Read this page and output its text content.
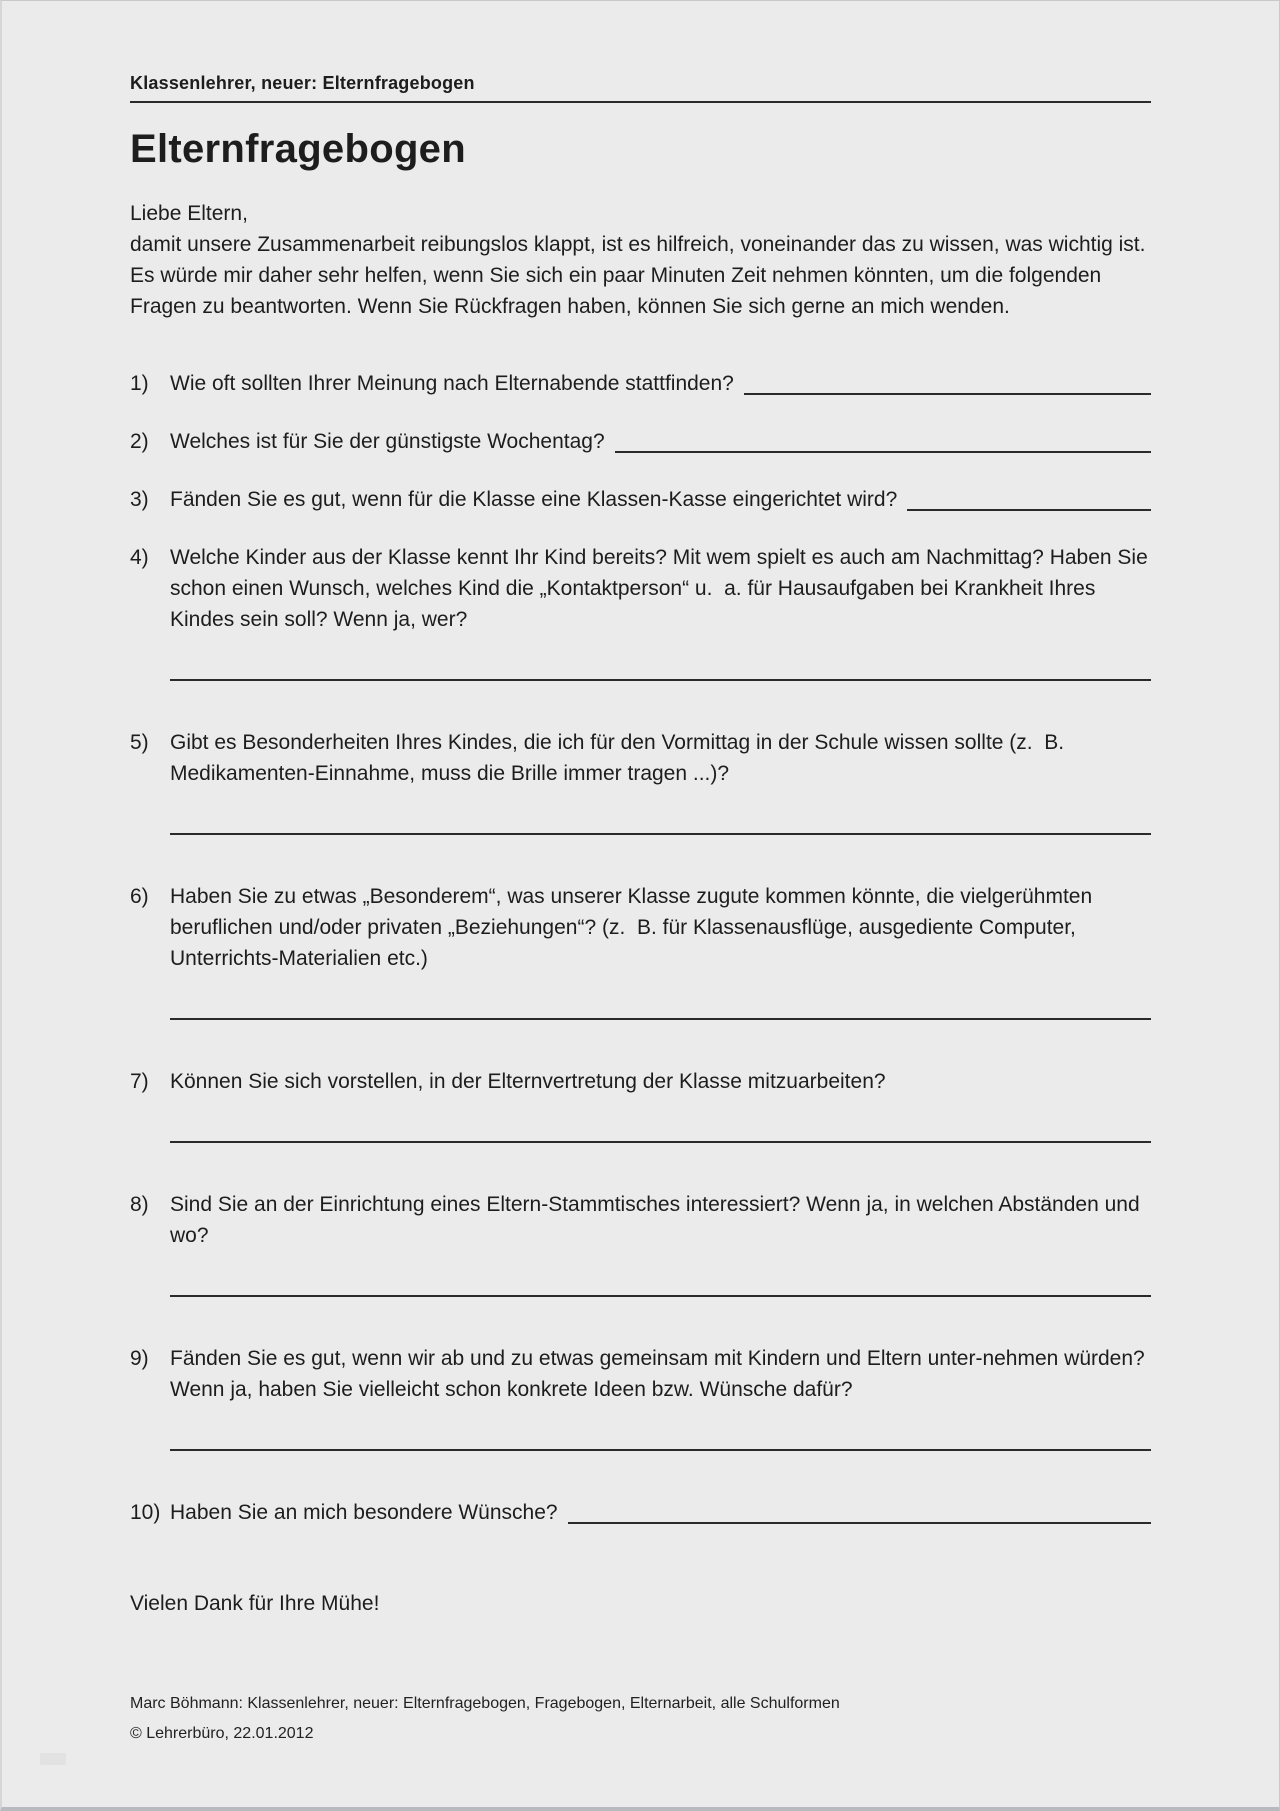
Klassenlehrer, neuer: Elternfragebogen
Elternfragebogen
Liebe Eltern,
damit unsere Zusammenarbeit reibungslos klappt, ist es hilfreich, voneinander das zu wissen, was wichtig ist. Es würde mir daher sehr helfen, wenn Sie sich ein paar Minuten Zeit nehmen könnten, um die folgenden Fragen zu beantworten. Wenn Sie Rückfragen haben, können Sie sich gerne an mich wenden.
1)	Wie oft sollten Ihrer Meinung nach Elternabende stattfinden?
2)	Welches ist für Sie der günstigste Wochentag?
3)	Fänden Sie es gut, wenn für die Klasse eine Klassen-Kasse eingerichtet wird?
4)	Welche Kinder aus der Klasse kennt Ihr Kind bereits? Mit wem spielt es auch am Nachmittag? Haben Sie schon einen Wunsch, welches Kind die „Kontaktperson“ u.  a. für Hausaufgaben bei Krankheit Ihres Kindes sein soll? Wenn ja, wer?
5)	Gibt es Besonderheiten Ihres Kindes, die ich für den Vormittag in der Schule wissen sollte (z.  B. Medikamenten-Einnahme, muss die Brille immer tragen ...)?
6)	Haben Sie zu etwas „Besonderem“, was unserer Klasse zugute kommen könnte, die vielgerühmten beruflichen und/oder privaten „Beziehungen“? (z.  B. für Klassenausflüge, ausgediente Computer, Unterrichts-Materialien etc.)
7)	Können Sie sich vorstellen, in der Elternvertretung der Klasse mitzuarbeiten?
8)	Sind Sie an der Einrichtung eines Eltern-Stammtisches interessiert? Wenn ja, in welchen Abständen und wo?
9)	Fänden Sie es gut, wenn wir ab und zu etwas gemeinsam mit Kindern und Eltern unter-nehmen würden? Wenn ja, haben Sie vielleicht schon konkrete Ideen bzw. Wünsche dafür?
10) Haben Sie an mich besondere Wünsche?
Vielen Dank für Ihre Mühe!
Marc Böhmann: Klassenlehrer, neuer: Elternfragebogen, Fragebogen, Elternarbeit, alle Schulformen
© Lehrerbüro, 22.01.2012
